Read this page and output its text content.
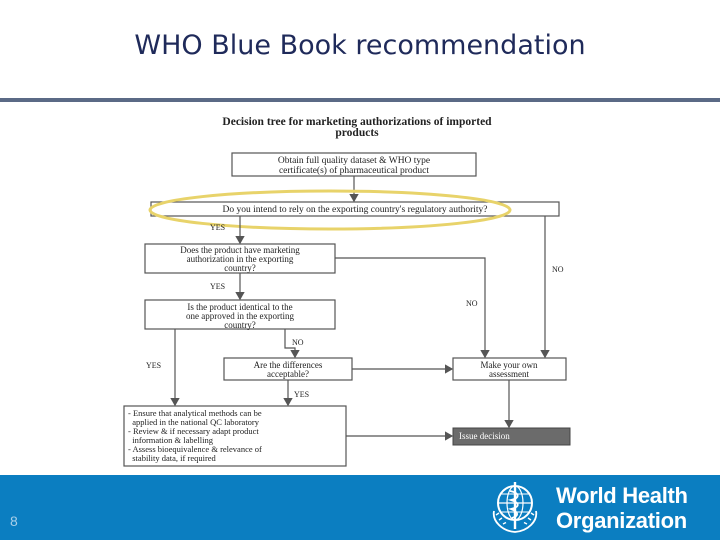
WHO Blue Book recommendation
Decision tree for marketing authorizations of imported
products
Obtain full quality dataset & WHO type
certificate(s) of pharmaceutical product
Do you intend to rely on the exporting country's regulatory authority?
YES
NO
Does the product have marketing
authorization in the exporting
country?
YES
NO
Is the product identical to the
one approved in the exporting
country?
NO
YES	Are the differences
acceptable?
YES
Make your own
assessment
- Ensure that analytical methods can be
applied in the national QC laboratory
- Review & if necessary adapt product
information & labelling
- Assess bioequivalence & relevance of
stability data, if required
Issue decision
8
World Health
Organization
